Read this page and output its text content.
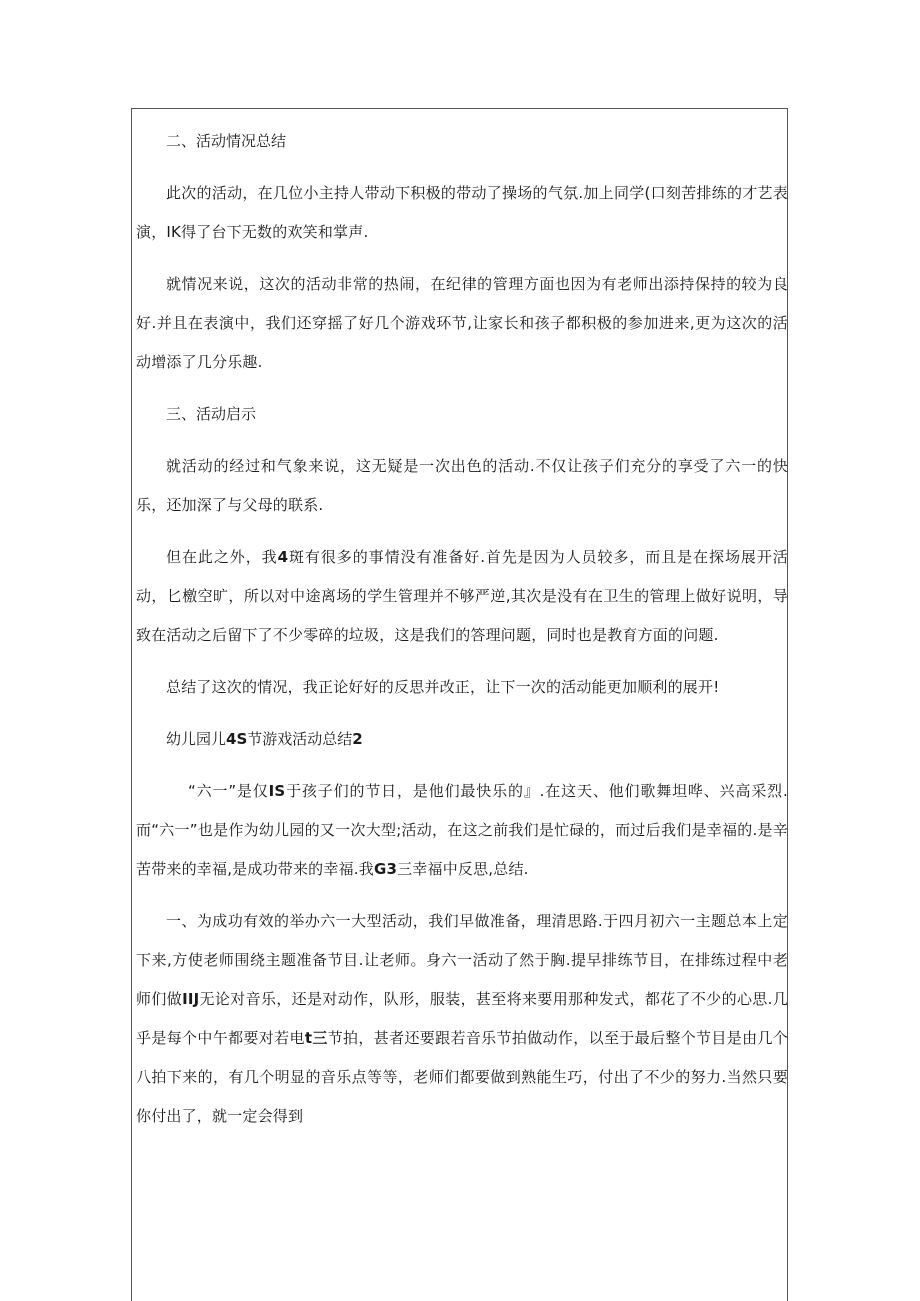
二、活动情况总结

此次的活动，在几位小主持人带动下积极的带动了操场的气氛.加上同学(口刻苦排练的才艺表演，IK得了台下无数的欢笑和掌声.

就情况来说，这次的活动非常的热闹，在纪律的管理方面也因为有老师出添持保持的较为良好.并且在表演中，我们还穿摇了好几个游戏环节,让家长和孩子都积极的参加进来,更为这次的活动增添了几分乐趣.

三、活动启示

就活动的经过和气象来说，这无疑是一次出色的活动.不仅让孩子们充分的享受了六一的快乐，还加深了与父母的联系.

但在此之外，我4斑有很多的事情没有准备好.首先是因为人员较多，而且是在探场展开活动，匕檄空旷，所以对中途离场的学生管理并不够严逆,其次是没有在卫生的管理上做好说明，导致在活动之后留下了不少零碎的垃圾，这是我们的答理问题，同时也是教育方面的问题.

总结了这次的情况，我正论好好的反思并改正，让下一次的活动能更加顺利的展开!

幼儿园儿4S节游戏活动总结2

“六一”是仅IS于孩子们的节日，是他们最快乐的』.在这天、他们歌舞坦哗、兴高采烈.而“六一”也是作为幼儿园的又一次大型;活动，在这之前我们是忙碌的，而过后我们是幸福的.是辛苦带来的幸福,是成功带来的幸福.我G3三幸福中反思,总结.

一、为成功有效的举办六一大型活动，我们早做准备，理清思路.于四月初六一主题总本上定下来,方使老师围绕主题准备节目.让老师。身六一活动了然于胸.提早排练节目，在排练过程中老师们做IIJ无论对音乐，还是对动作，队形，服装，甚至将来要用那种发式，都花了不少的心思.几乎是每个中午都要对若电t三节拍，甚者还要跟若音乐节拍做动作，以至于最后整个节目是由几个八拍下来的，有几个明显的音乐点等等，老师们都要做到熟能生巧，付出了不少的努力.当然只要你付出了，就一定会得到
